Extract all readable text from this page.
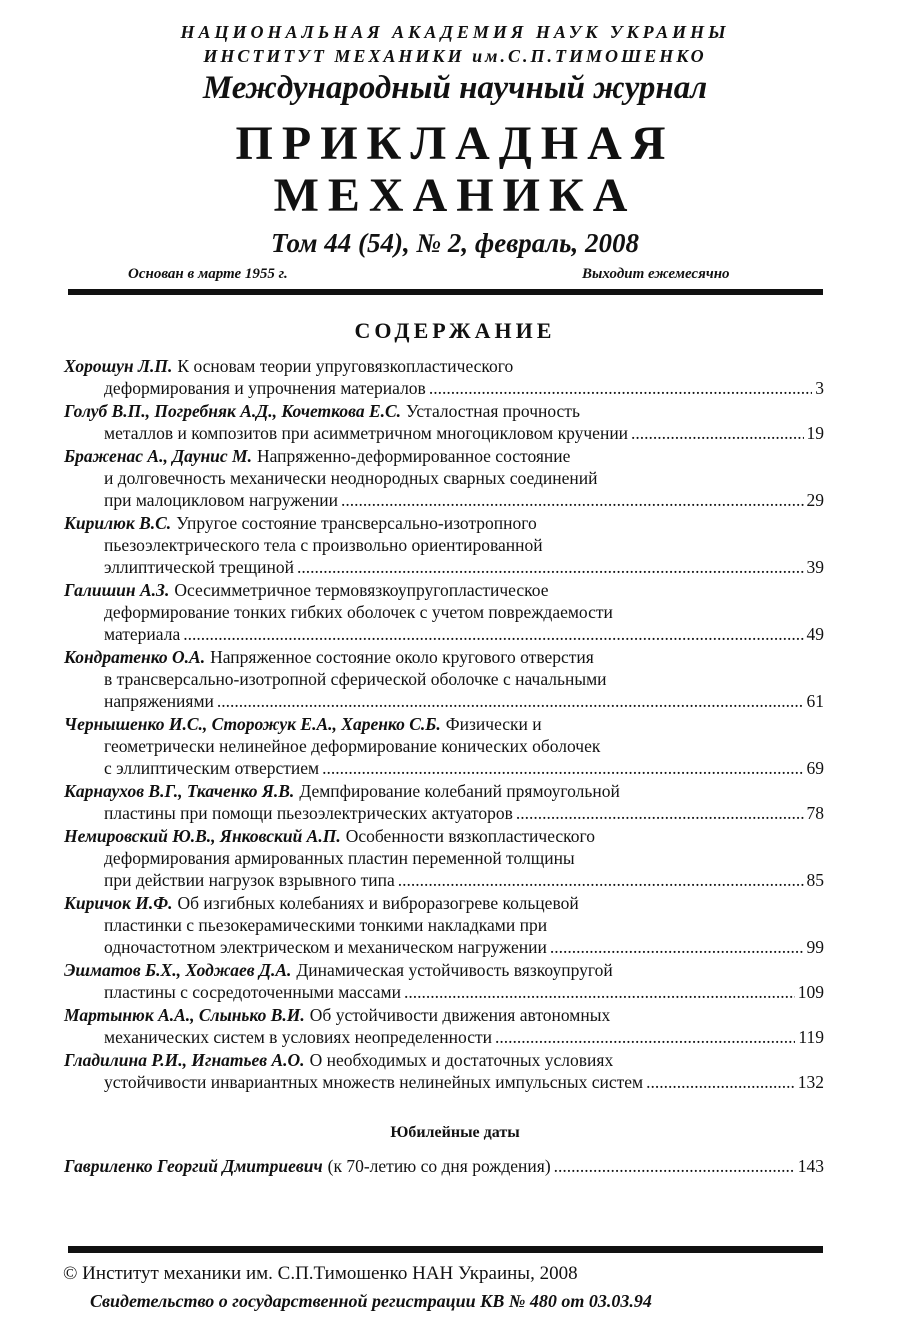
НАЦИОНАЛЬНАЯ АКАДЕМИЯ НАУК УКРАИНЫ
ИНСТИТУТ МЕХАНИКИ им.С.П.ТИМОШЕНКО
Международный научный журнал
ПРИКЛАДНАЯ
МЕХАНИКА
Том 44 (54), № 2, февраль, 2008
Основан в марте 1955 г.	Выходит ежемесячно
СОДЕРЖАНИЕ
Хорошун Л.П. К основам теории упруговязкопластического
деформирования и упрочнения материалов .....	3
Голуб В.П., Погребняк А.Д., Кочеткова Е.С. Усталостная прочность
металлов и композитов при асимметричном многоцикловом кручении .....	19
Браженас А., Даунис М. Напряженно-деформированное состояние
и долговечность механически неоднородных сварных соединений
при малоцикловом нагружении .....	29
Кирилюк В.С. Упругое состояние трансверсально-изотропного
пьезоэлектрического тела с произвольно ориентированной
эллиптической трещиной .....	39
Галишин А.З. Осесимметричное термовязкоупругопластическое
деформирование тонких гибких оболочек с учетом повреждаемости
материала .....	49
Кондратенко О.А. Напряженное состояние около кругового отверстия
в трансверсально-изотропной сферической оболочке с начальными
напряжениями .....	61
Чернышенко И.С., Сторожук Е.А., Харенко С.Б. Физически и
геометрически нелинейное деформирование конических оболочек
с эллиптическим отверстием .....	69
Карнаухов В.Г., Ткаченко Я.В. Демпфирование колебаний прямоугольной
пластины при помощи пьезоэлектрических актуаторов .....	78
Немировский Ю.В., Янковский А.П. Особенности вязкопластического
деформирования армированных пластин переменной толщины
при действии нагрузок взрывного типа .....	85
Киричок И.Ф. Об изгибных колебаниях и виброразогреве кольцевой
пластинки с пьезокерамическими тонкими накладками при
одночастотном электрическом и механическом нагружении .....	99
Эшматов Б.Х., Ходжаев Д.А. Динамическая устойчивость вязкоупругой
пластины с сосредоточенными массами .....	109
Мартынюк А.А., Слынько В.И. Об устойчивости движения автономных
механических систем в условиях неопределенности .....	119
Гладилина Р.И., Игнатьев А.О. О необходимых и достаточных условиях
устойчивости инвариантных множеств нелинейных импульсных систем .....	132
Юбилейные даты
Гавриленко Георгий Дмитриевич (к 70-летию со дня рождения) .....	143
© Институт механики им. С.П.Тимошенко НАН Украины, 2008
Свидетельство о государственной регистрации КВ № 480 от 03.03.94
